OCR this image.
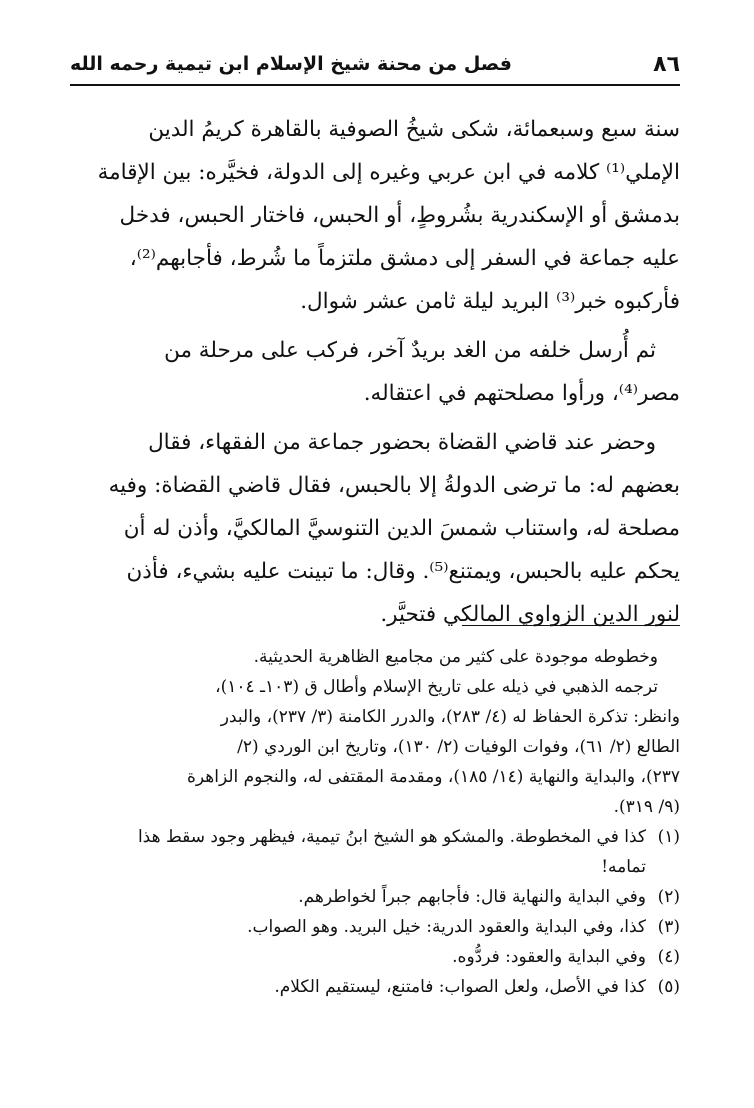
٨٦
فصل من محنة شيخ الإسلام ابن تيمية رحمه الله

سنة سبع وسبعمائة، شكى شيخُ الصوفية بالقاهرة كريمُ الدين
الإملي⁽¹⁾ كلامه في ابن عربي وغيره إلى الدولة، فخيَّره: بين الإقامة
بدمشق أو الإسكندرية بشُروطٍ، أو الحبس، فاختار الحبس، فدخل
عليه جماعة في السفر إلى دمشق ملتزماً ما شُرط، فأجابهم⁽²⁾،
فأركبوه خبر⁽³⁾ البريد ليلة ثامن عشر شوال.

ثم أُرسل خلفه من الغد بريدٌ آخر، فركب على مرحلة من
مصر⁽⁴⁾، ورأوا مصلحتهم في اعتقاله.

وحضر عند قاضي القضاة بحضور جماعة من الفقهاء، فقال
بعضهم له: ما ترضى الدولةُ إلا بالحبس، فقال قاضي القضاة: وفيه
مصلحة له، واستناب شمسَ الدين التنوسيَّ المالكيَّ، وأذن له أن
يحكم عليه بالحبس، ويمتنع⁽⁵⁾. وقال: ما تبينت عليه بشيء، فأذن
لنور الدين الزواوي المالكي فتحيَّر.

وخطوطه موجودة على كثير من مجاميع الظاهرية الحديثية.
ترجمه الذهبي في ذيله على تاريخ الإسلام وأطال ق (١٠٣ـ ١٠٤)،
وانظر: تذكرة الحفاظ له (٤/ ٢٨٣)، والدرر الكامنة (٣/ ٢٣٧)، والبدر
الطالع (٢/ ٦١)، وفوات الوفيات (٢/ ١٣٠)، وتاريخ ابن الوردي (٢/
٢٣٧)، والبداية والنهاية (١٤/ ١٨٥)، ومقدمة المقتفى له، والنجوم الزاهرة
(٩/ ٣١٩).
(١)
كذا في المخطوطة. والمشكو هو الشيخ ابنُ تيمية، فيظهر وجود سقط هذا
تمامه!
(٢)
وفي البداية والنهاية قال: فأجابهم جبراً لخواطرهم.
(٣)
كذا، وفي البداية والعقود الدرية: خيل البريد. وهو الصواب.
(٤)
وفي البداية والعقود: فردُّوه.
(٥)
كذا في الأصل، ولعل الصواب: فامتنع، ليستقيم الكلام.
